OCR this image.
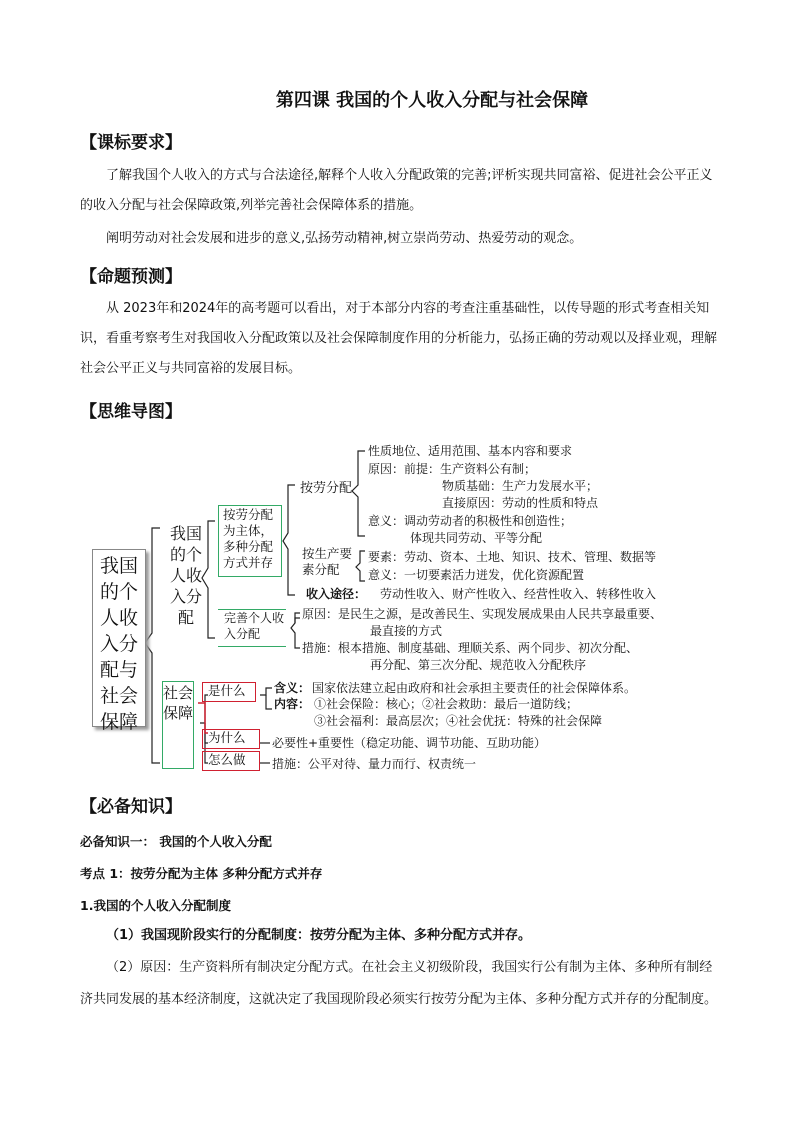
第四课 我国的个人收入分配与社会保障
【课标要求】
了解我国个人收入的方式与合法途径,解释个人收入分配政策的完善;评析实现共同富裕、促进社会公平正义的收入分配与社会保障政策,列举完善社会保障体系的措施。
阐明劳动对社会发展和进步的意义,弘扬劳动精神,树立崇尚劳动、热爱劳动的观念。
【命题预测】
从 2023年和2024年的高考题可以看出，对于本部分内容的考查注重基础性，以传导题的形式考查相关知识，看重考察考生对我国收入分配政策以及社会保障制度作用的分析能力，弘扬正确的劳动观以及择业观，理解社会公平正义与共同富裕的发展目标。
【思维导图】
我国的个人收入分配与社会保障
我国的个人收入分配
按劳分配为主体，多种分配方式并存
按劳分配
性质地位、适用范围、基本内容和要求
原因：前提：生产资料公有制；
物质基础：生产力发展水平；
直接原因：劳动的性质和特点
意义：调动劳动者的积极性和创造性；
体现共同劳动、平等分配
按生产要素分配
要素：劳动、资本、土地、知识、技术、管理、数据等
意义：一切要素活力迸发，优化资源配置
收入途径： 劳动性收入、财产性收入、经营性收入、转移性收入
完善个人收入分配
原因：是民生之源，是改善民生、实现发展成果由人民共享最重要、
最直接的方式
措施：根本措施、制度基础、理顺关系、两个同步、初次分配、
再分配、第三次分配、规范收入分配秩序
社会保障
是什么 含义： 国家依法建立起由政府和社会承担主要责任的社会保障体系。
内容： ①社会保险：核心；②社会救助：最后一道防线；
③社会福利：最高层次；④社会优抚：特殊的社会保障
为什么 必要性+重要性（稳定功能、调节功能、互助功能）
怎么做 措施：公平对待、量力而行、权责统一
【必备知识】
必备知识一： 我国的个人收入分配
考点 1：按劳分配为主体 多种分配方式并存
1.我国的个人收入分配制度
（1）我国现阶段实行的分配制度：按劳分配为主体、多种分配方式并存。
（2）原因：生产资料所有制决定分配方式。在社会主义初级阶段，我国实行公有制为主体、多种所有制经济共同发展的基本经济制度，这就决定了我国现阶段必须实行按劳分配为主体、多种分配方式并存的分配制度。
